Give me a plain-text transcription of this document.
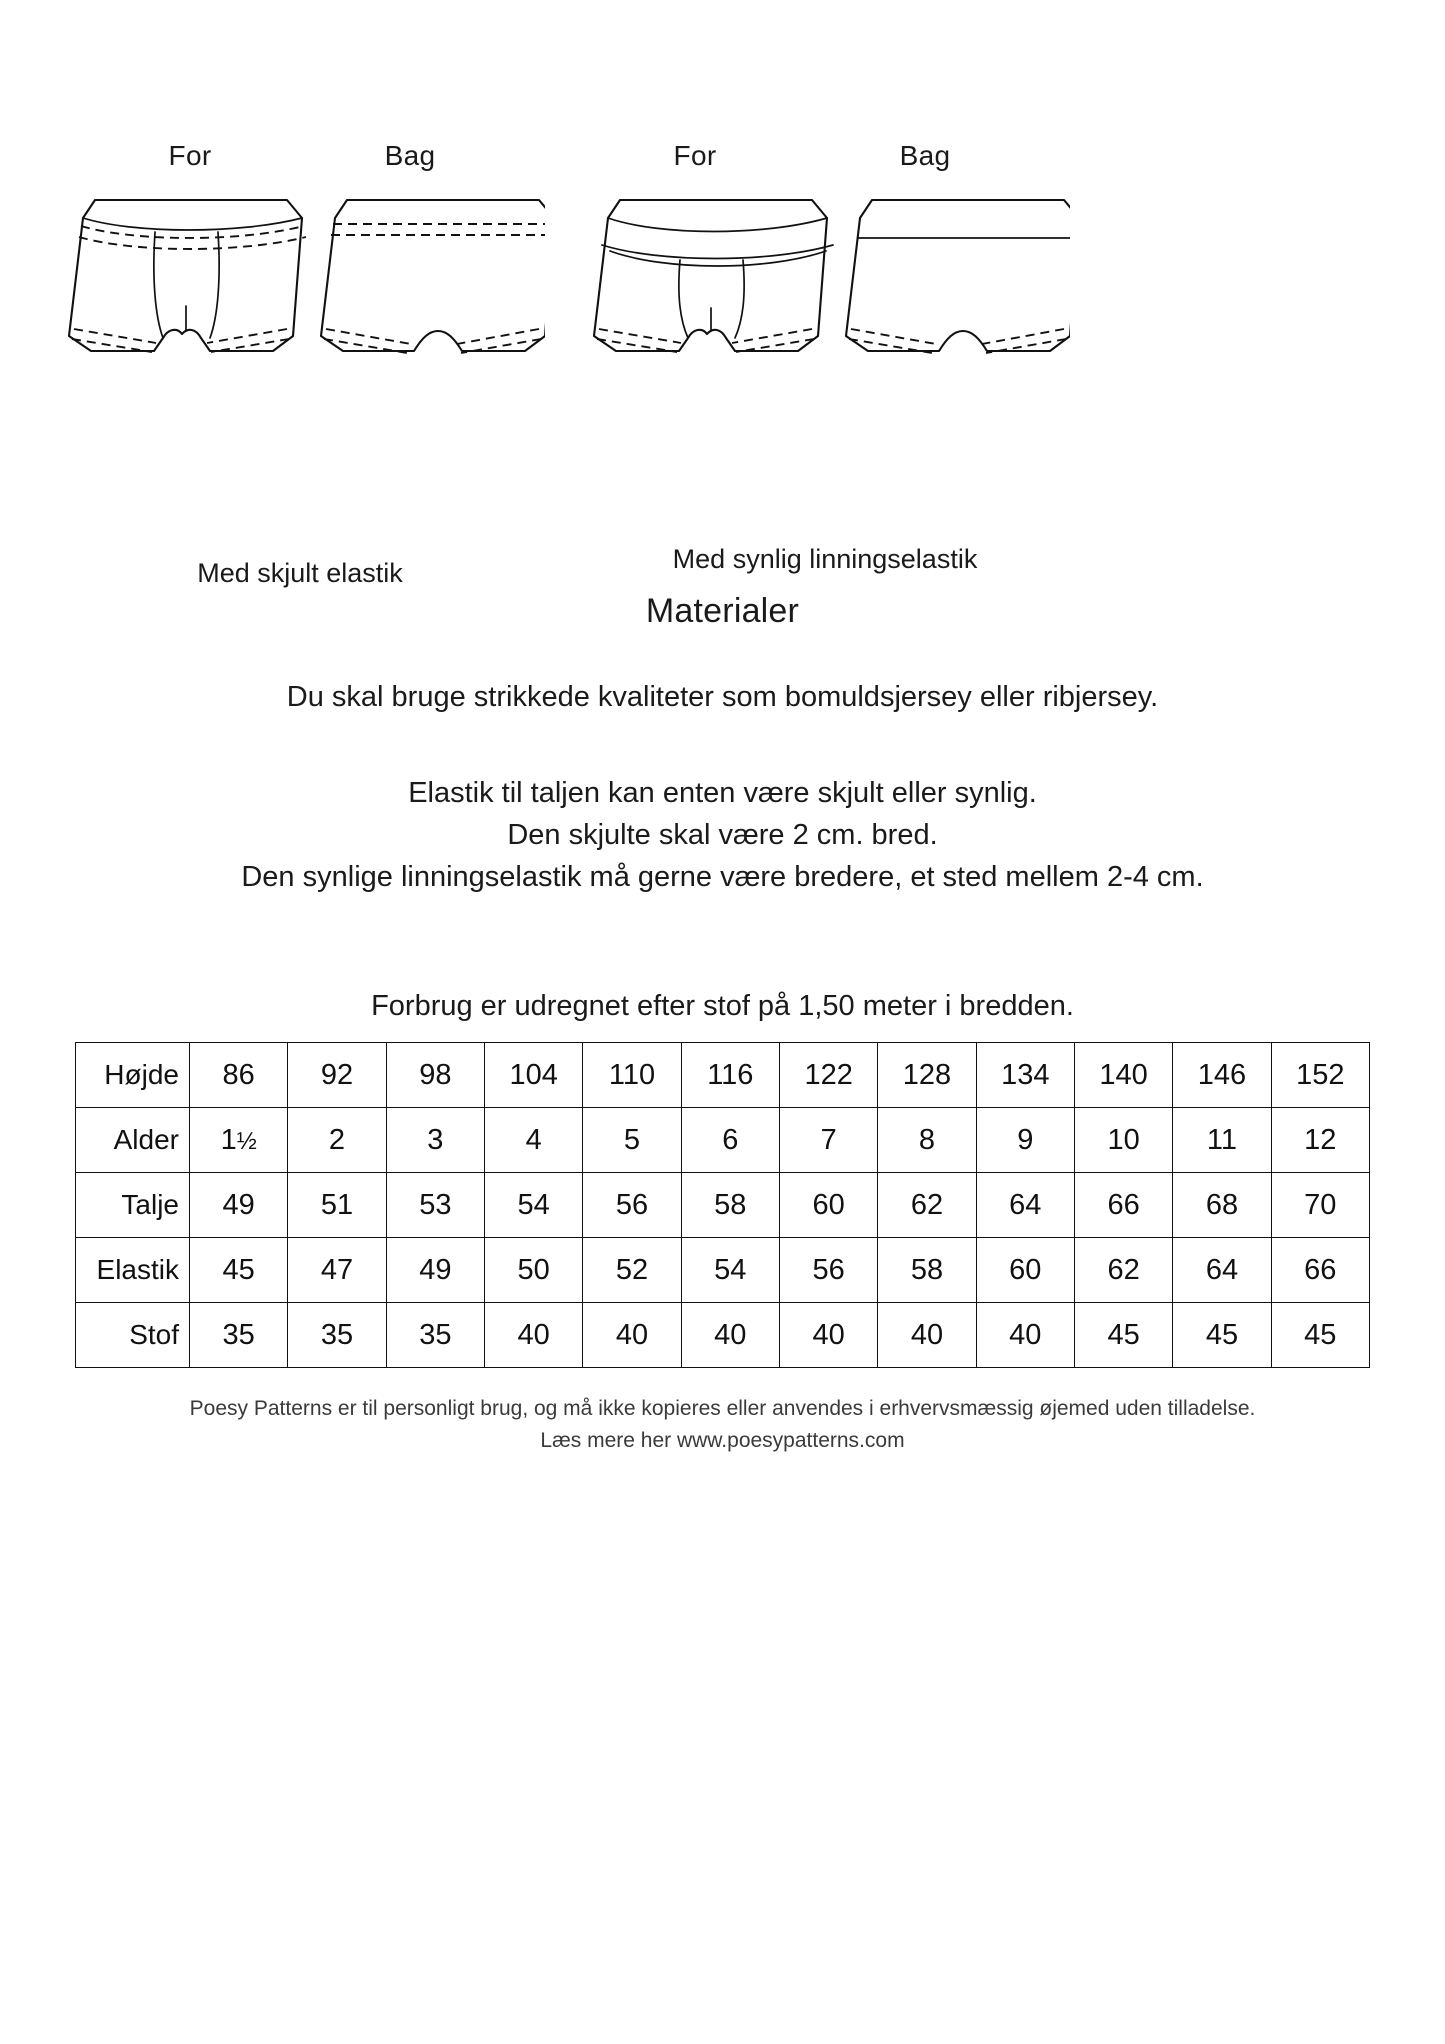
For	Bag	For	Bag
Med skjult elastik	Med synlig linningselastik
Materialer
Du skal bruge strikkede kvaliteter som bomuldsjersey eller ribjersey.
Elastik til taljen kan enten være skjult eller synlig.
Den skjulte skal være 2 cm. bred.
Den synlige linningselastik må gerne være bredere, et sted mellem 2-4 cm.
Forbrug er udregnet efter stof på 1,50 meter i bredden.
Højde	86	92	98	104	110	116	122	128	134	140	146	152
Alder	1½	2	3	4	5	6	7	8	9	10	11	12
Talje	49	51	53	54	56	58	60	62	64	66	68	70
Elastik	45	47	49	50	52	54	56	58	60	62	64	66
Stof	35	35	35	40	40	40	40	40	40	45	45	45
Poesy Patterns er til personligt brug, og må ikke kopieres eller anvendes i erhvervsmæssig øjemed uden tilladelse.
Læs mere her www.poesypatterns.com
